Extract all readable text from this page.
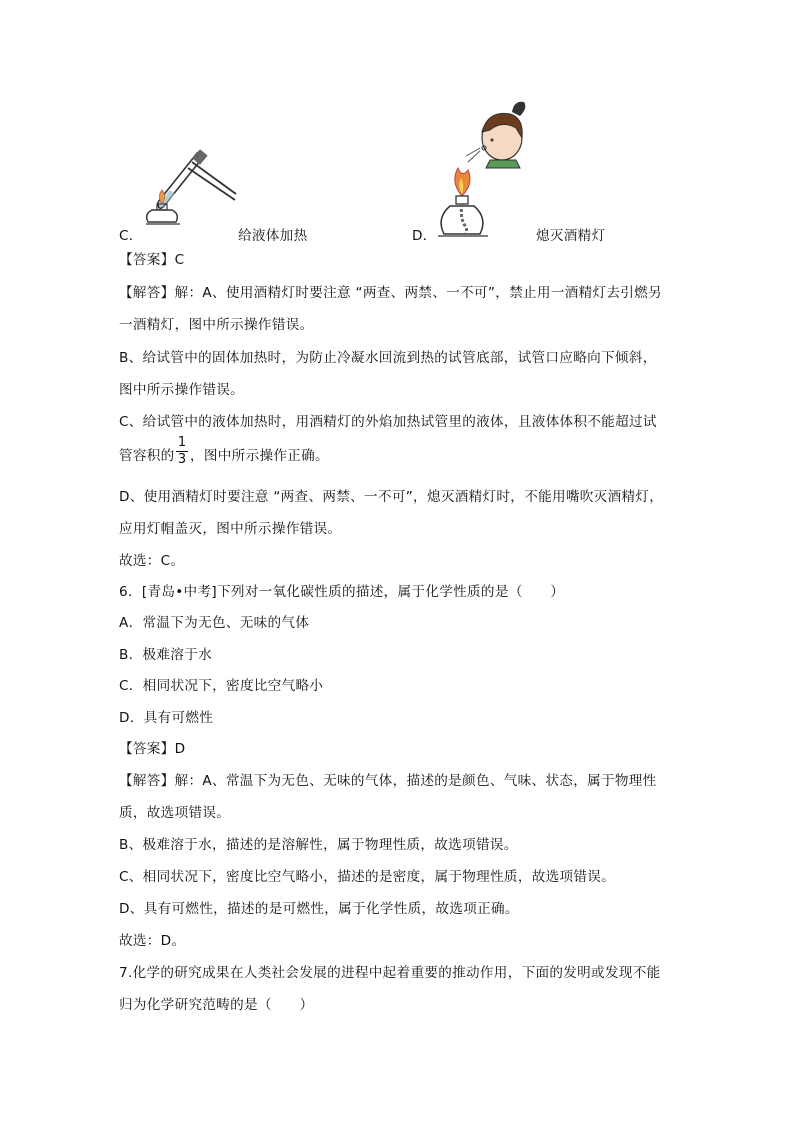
C．	给液体加热	D．	熄灭酒精灯
【答案】C
【解答】解：A、使用酒精灯时要注意 “两查、两禁、一不可”，禁止用一酒精灯去引燃另
一酒精灯，图中所示操作错误。
B、给试管中的固体加热时，为防止冷凝水回流到热的试管底部，试管口应略向下倾斜，
图中所示操作错误。
C、给试管中的液体加热时，用酒精灯的外焰加热试管里的液体，且液体体积不能超过试
管容积的
1
3 ，图中所示操作正确。
D、使用酒精灯时要注意 “两查、两禁、一不可”，熄灭酒精灯时，不能用嘴吹灭酒精灯，
应用灯帽盖灭，图中所示操作错误。
故选：C。
6．[青岛•中考]下列对一氧化碳性质的描述，属于化学性质的是（　　）
A．常温下为无色、无味的气体
B．极难溶于水
C．相同状况下，密度比空气略小
D．具有可燃性
【答案】D
【解答】解：A、常温下为无色、无味的气体，描述的是颜色、气味、状态，属于物理性
质，故选项错误。
B、极难溶于水，描述的是溶解性，属于物理性质，故选项错误。
C、相同状况下，密度比空气略小，描述的是密度，属于物理性质，故选项错误。
D、具有可燃性，描述的是可燃性，属于化学性质，故选项正确。
故选：D。
7.化学的研究成果在人类社会发展的进程中起着重要的推动作用，下面的发明或发现不能
归为化学研究范畴的是（　　）
